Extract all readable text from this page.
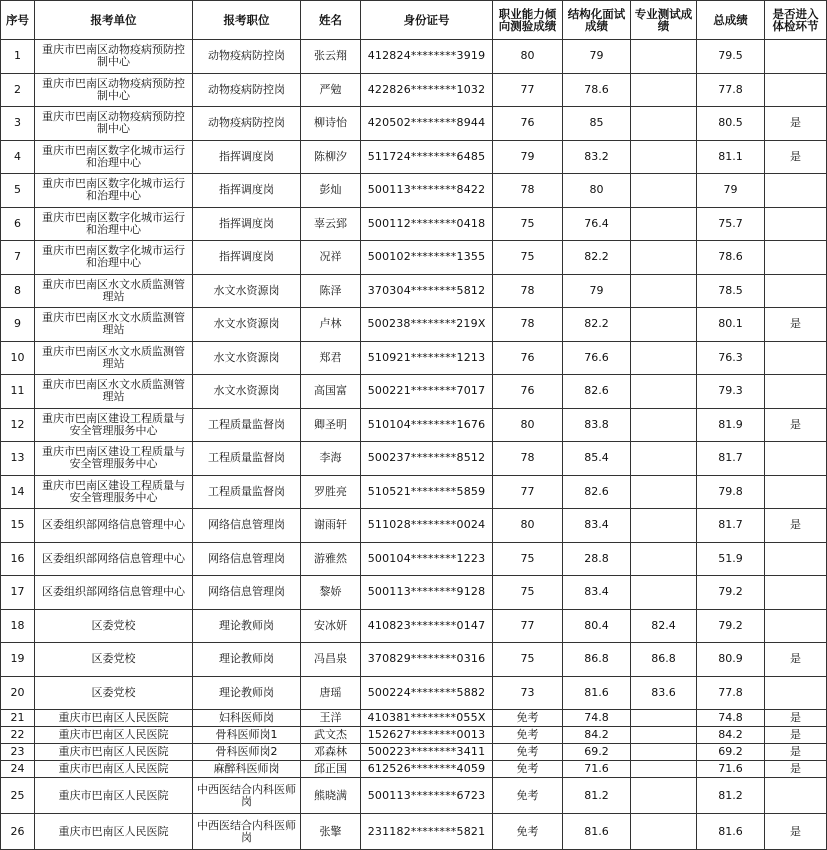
序号	报考单位	报考职位	姓名	身份证号	职业能力倾向测验成绩	结构化面试成绩	专业测试成绩	总成绩	是否进入体检环节
1	重庆市巴南区动物疫病预防控制中心	动物疫病防控岗	张云翔	412824********3919	80	79		79.5	
2	重庆市巴南区动物疫病预防控制中心	动物疫病防控岗	严勉	422826********1032	77	78.6		77.8	
3	重庆市巴南区动物疫病预防控制中心	动物疫病防控岗	柳诗怡	420502********8944	76	85		80.5	是
4	重庆市巴南区数字化城市运行和治理中心	指挥调度岗	陈柳汐	511724********6485	79	83.2		81.1	是
5	重庆市巴南区数字化城市运行和治理中心	指挥调度岗	彭灿	500113********8422	78	80		79	
6	重庆市巴南区数字化城市运行和治理中心	指挥调度岗	辜云郅	500112********0418	75	76.4		75.7	
7	重庆市巴南区数字化城市运行和治理中心	指挥调度岗	况祥	500102********1355	75	82.2		78.6	
8	重庆市巴南区水文水质监测管理站	水文水资源岗	陈泽	370304********5812	78	79		78.5	
9	重庆市巴南区水文水质监测管理站	水文水资源岗	卢林	500238********219X	78	82.2		80.1	是
10	重庆市巴南区水文水质监测管理站	水文水资源岗	郑君	510921********1213	76	76.6		76.3	
11	重庆市巴南区水文水质监测管理站	水文水资源岗	高国富	500221********7017	76	82.6		79.3	
12	重庆市巴南区建设工程质量与安全管理服务中心	工程质量监督岗	卿圣明	510104********1676	80	83.8		81.9	是
13	重庆市巴南区建设工程质量与安全管理服务中心	工程质量监督岗	李海	500237********8512	78	85.4		81.7	
14	重庆市巴南区建设工程质量与安全管理服务中心	工程质量监督岗	罗胜亮	510521********5859	77	82.6		79.8	
15	区委组织部网络信息管理中心	网络信息管理岗	谢雨轩	511028********0024	80	83.4		81.7	是
16	区委组织部网络信息管理中心	网络信息管理岗	游雅然	500104********1223	75	28.8		51.9	
17	区委组织部网络信息管理中心	网络信息管理岗	黎娇	500113********9128	75	83.4		79.2	
18	区委党校	理论教师岗	安冰妍	410823********0147	77	80.4	82.4	79.2	
19	区委党校	理论教师岗	冯昌泉	370829********0316	75	86.8	86.8	80.9	是
20	区委党校	理论教师岗	唐瑶	500224********5882	73	81.6	83.6	77.8	
21	重庆市巴南区人民医院	妇科医师岗	王洋	410381********055X	免考	74.8		74.8	是
22	重庆市巴南区人民医院	骨科医师岗1	武文杰	152627********0013	免考	84.2		84.2	是
23	重庆市巴南区人民医院	骨科医师岗2	邓森林	500223********3411	免考	69.2		69.2	是
24	重庆市巴南区人民医院	麻醉科医师岗	邱正国	612526********4059	免考	71.6		71.6	是
25	重庆市巴南区人民医院	中西医结合内科医师岗	熊晓满	500113********6723	免考	81.2		81.2	
26	重庆市巴南区人民医院	中西医结合内科医师岗	张擎	231182********5821	免考	81.6		81.6	是
